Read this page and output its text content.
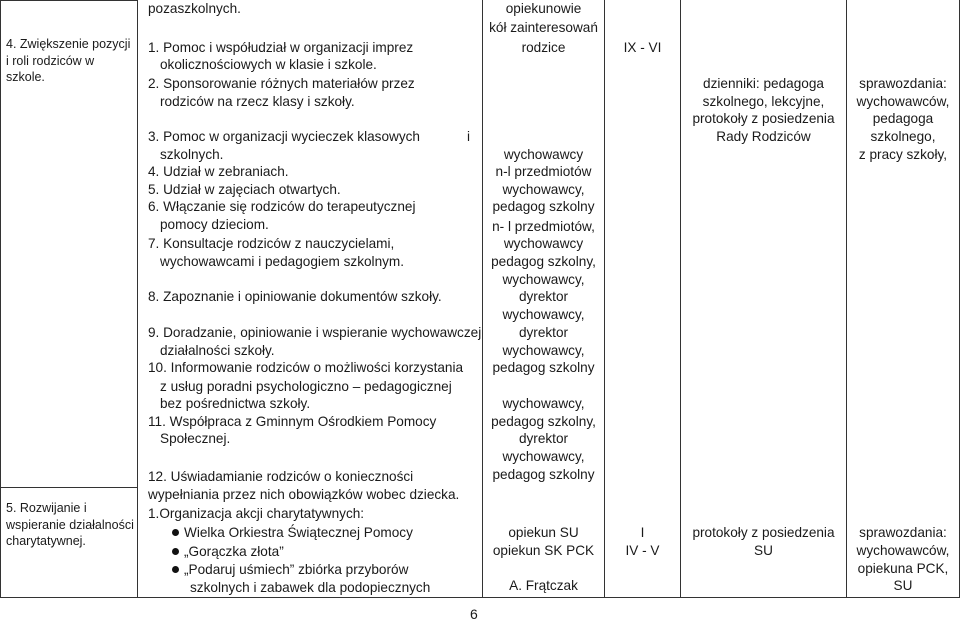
4. Zwiększenie pozycji i roli rodziców w szkole.
pozaszkolnych.
1. Pomoc i współudział w organizacji imprez
okolicznościowych w klasie i szkole.
2. Sponsorowanie różnych materiałów przez
rodziców na rzecz klasy i szkoły.
3. Pomoc w organizacji wycieczek klasowych	i
szkolnych.
4. Udział w zebraniach.
5. Udział w zajęciach otwartych.
6. Włączanie się rodziców do terapeutycznej
pomocy dzieciom.
7. Konsultacje rodziców z nauczycielami,
wychowawcami i pedagogiem szkolnym.
8. Zapoznanie i opiniowanie dokumentów szkoły.
9. Doradzanie, opiniowanie i wspieranie wychowawczej
działalności szkoły.
10. Informowanie rodziców o możliwości korzystania
z usług poradni psychologiczno – pedagogicznej
bez pośrednictwa szkoły.
11. Współpraca z Gminnym Ośrodkiem Pomocy
Społecznej.
12. Uświadamianie rodziców o konieczności
wypełniania przez nich obowiązków wobec dziecka.
opiekunowie
kół zainteresowań
rodzice
wychowawcy
n-l przedmiotów
wychowawcy,
pedagog szkolny
n- l przedmiotów,
wychowawcy
pedagog szkolny,
wychowawcy,
dyrektor
wychowawcy,
dyrektor
wychowawcy,
pedagog szkolny
wychowawcy,
pedagog szkolny,
dyrektor
wychowawcy,
pedagog szkolny
IX - VI
dzienniki: pedagoga
szkolnego, lekcyjne,
protokoły z posiedzenia
Rady Rodziców
sprawozdania:
wychowawców,
pedagoga
szkolnego,
z pracy szkoły,
5. Rozwijanie i wspieranie działalności charytatywnej.
1.Organizacja akcji charytatywnych:
Wielka Orkiestra Świątecznej Pomocy
„Gorączka złota”
„Podaruj uśmiech” zbiórka przyborów
szkolnych i zabawek dla podopiecznych
opiekun SU
opiekun SK PCK
A. Frątczak
I
IV - V
protokoły z posiedzenia
SU
sprawozdania:
wychowawców,
opiekuna PCK,
SU
6
